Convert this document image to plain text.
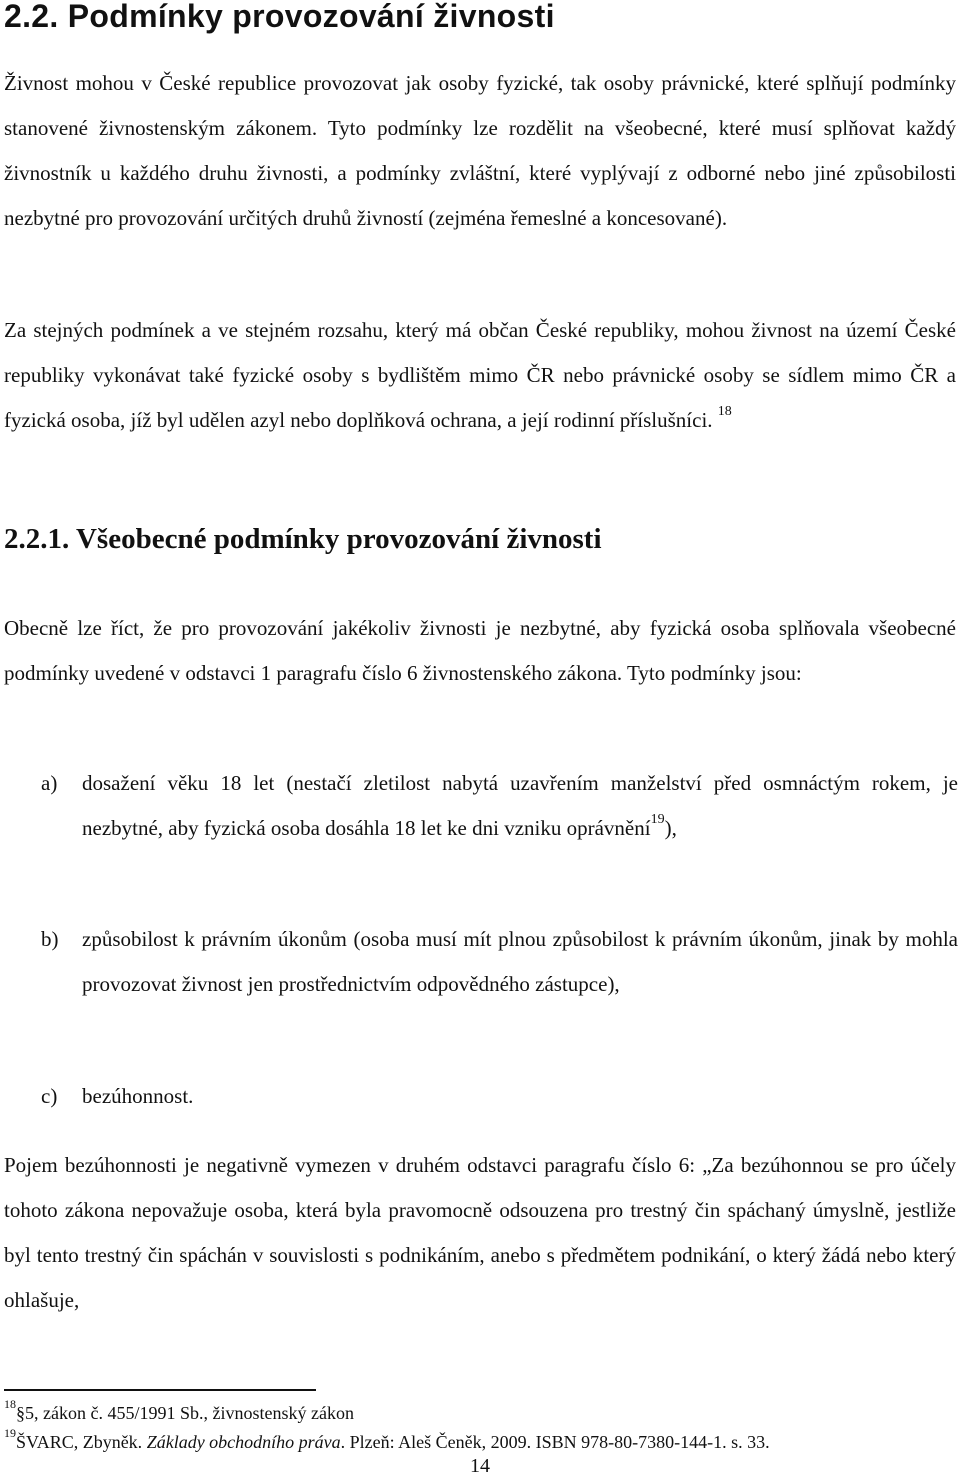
2.2. Podmínky provozování živnosti

Živnost mohou v České republice provozovat jak osoby fyzické, tak osoby právnické, které splňují podmínky stanovené živnostenským zákonem. Tyto podmínky lze rozdělit na všeobecné, které musí splňovat každý živnostník u každého druhu živnosti, a podmínky zvláštní, které vyplývají z odborné nebo jiné způsobilosti nezbytné pro provozování určitých druhů živností (zejména řemeslné a koncesované).

Za stejných podmínek a ve stejném rozsahu, který má občan České republiky, mohou živnost na území České republiky vykonávat také fyzické osoby s bydlištěm mimo ČR nebo právnické osoby se sídlem mimo ČR a fyzická osoba, jíž byl udělen azyl nebo doplňková ochrana, a její rodinní příslušníci. $^{18}$

2.2.1. Všeobecné podmínky provozování živnosti

Obecně lze říct, že pro provozování jakékoliv živnosti je nezbytné, aby fyzická osoba splňovala všeobecné podmínky uvedené v odstavci 1 paragrafu číslo 6 živnostenského zákona. Tyto podmínky jsou:

a) dosažení věku 18 let (nestačí zletilost nabytá uzavřením manželství před osmnáctým rokem, je nezbytné, aby fyzická osoba dosáhla 18 let ke dni vzniku oprávnění$^{19}$),
b) způsobilost k právním úkonům (osoba musí mít plnou způsobilost k právním úkonům, jinak by mohla provozovat živnost jen prostřednictvím odpovědného zástupce),
c) bezúhonnost.

Pojem bezúhonnosti je negativně vymezen v druhém odstavci paragrafu číslo 6: „Za bezúhonnou se pro účely tohoto zákona nepovažuje osoba, která byla pravomocně odsouzena pro trestný čin spáchaný úmyslně, jestliže byl tento trestný čin spáchán v souvislosti s podnikáním, anebo s předmětem podnikání, o který žádá nebo který ohlašuje,

$^{18}$§5, zákon č. 455/1991 Sb., živnostenský zákon

$^{19}$ŠVARC, Zbyněk. Základy obchodního práva. Plzeň: Aleš Čeněk, 2009. ISBN 978-80-7380-144-1. s. 33.

14
